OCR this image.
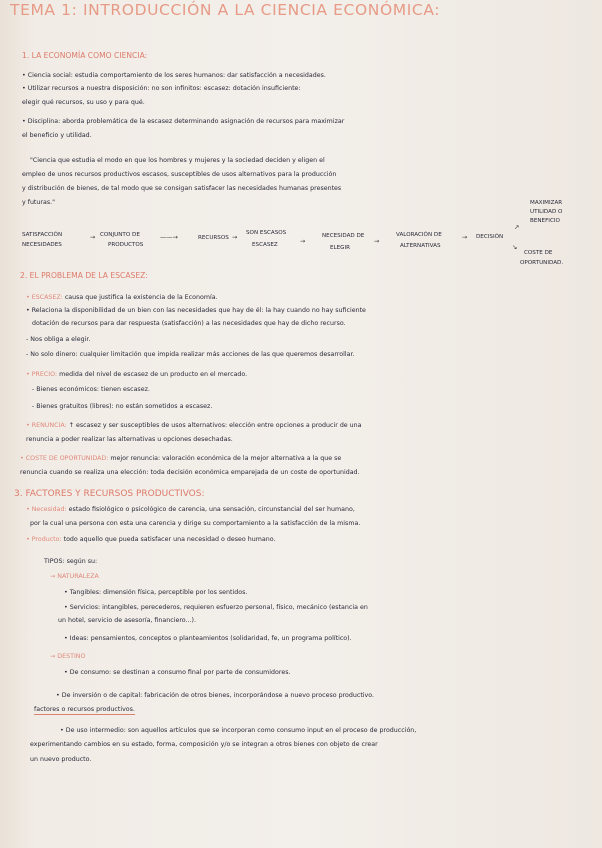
TEMA 1: INTRODUCCIÓN A LA CIENCIA ECONÓMICA:
1. LA ECONOMÍA COMO CIENCIA:
• Ciencia social: estudia comportamiento de los seres humanos: dar satisfacción a necesidades.
• Utilizar recursos a nuestra disposición: no son infinitos: escasez: dotación insuficiente:
elegir qué recursos, su uso y para qué.
• Disciplina: aborda problemática de la escasez determinando asignación de recursos para maximizar
el beneficio y utilidad.
"Ciencia que estudia el modo en que los hombres y mujeres y la sociedad deciden y eligen el
empleo de unos recursos productivos escasos, susceptibles de usos alternativos para la producción
y distribución de bienes, de tal modo que se consigan satisfacer las necesidades humanas presentes
y futuras."
SATISFACCIÓN
NECESIDADES
→ CONJUNTO DE
PRODUCTOS
——→	RECURSOS →
SON ESCASOS
ESCASEZ	→
NECESIDAD DE
ELEGIR
→
VALORACIÓN DE
ALTERNATIVAS
→ DECISIÓN
↗
MAXIMIZAR
UTILIDAD O
BENEFICIO
↘
COSTE DE
OPORTUNIDAD.
2. EL PROBLEMA DE LA ESCASEZ:
• ESCASEZ: causa que justifica la existencia de la Economía.
• Relaciona la disponibilidad de un bien con las necesidades que hay de él: la hay cuando no hay suficiente
dotación de recursos para dar respuesta (satisfacción) a las necesidades que hay de dicho recurso.
- Nos obliga a elegir.
- No solo dinero: cualquier limitación que impida realizar más acciones de las que queremos desarrollar.
• PRECIO: medida del nivel de escasez de un producto en el mercado.
- Bienes económicos: tienen escasez.
- Bienes gratuitos (libres): no están sometidos a escasez.
• RENUNCIA: ↑ escasez y ser susceptibles de usos alternativos: elección entre opciones a producir de una
renuncia a poder realizar las alternativas u opciones desechadas.
• COSTE DE OPORTUNIDAD: mejor renuncia: valoración económica de la mejor alternativa a la que se
renuncia cuando se realiza una elección: toda decisión económica emparejada de un coste de oportunidad.
3. FACTORES Y RECURSOS PRODUCTIVOS:
• Necesidad: estado fisiológico o psicológico de carencia, una sensación, circunstancial del ser humano,
por la cual una persona con esta una carencia y dirige su comportamiento a la satisfacción de la misma.
• Producto: todo aquello que pueda satisfacer una necesidad o deseo humano.
TIPOS: según su:
→ NATURALEZA
• Tangibles: dimensión física, perceptible por los sentidos.
• Servicios: intangibles, perecederos, requieren esfuerzo personal, físico, mecánico (estancia en
un hotel, servicio de asesoría, financiero...).
• Ideas: pensamientos, conceptos o planteamientos (solidaridad, fe, un programa político).
→ DESTINO
• De consumo: se destinan a consumo final por parte de consumidores.
• De inversión o de capital: fabricación de otros bienes, incorporándose a nuevo proceso productivo.
factores o recursos productivos.
• De uso intermedio: son aquellos artículos que se incorporan como consumo input en el proceso de producción,
experimentando cambios en su estado, forma, composición y/o se integran a otros bienes con objeto de crear
un nuevo producto.
